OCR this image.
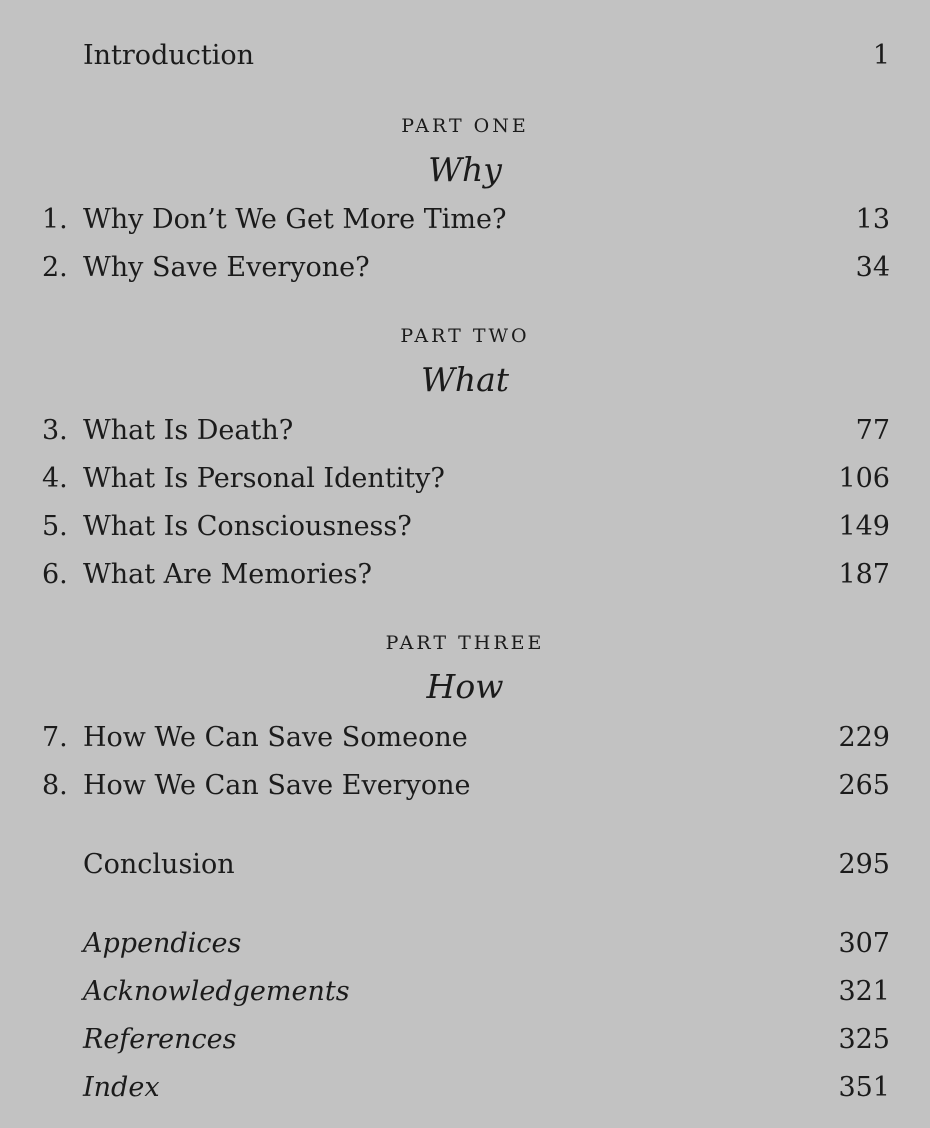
Introduction	1
PART ONE
Why
1. Why Don’t We Get More Time?	13
2. Why Save Everyone?	34
PART TWO
What
3. What Is Death?	77
4. What Is Personal Identity?	106
5. What Is Consciousness?	149
6. What Are Memories?	187
PART THREE
How
7. How We Can Save Someone	229
8. How We Can Save Everyone	265
Conclusion	295
Appendices	307
Acknowledgements	321
References	325
Index	351
